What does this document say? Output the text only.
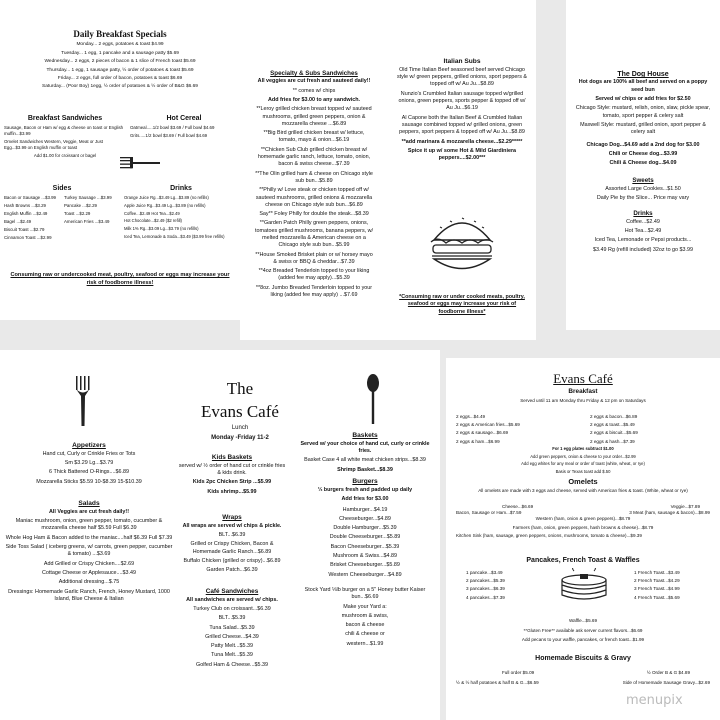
Daily Breakfast Specials

Monday... 2 eggs, potatoes & toast $4.99

Tuesday... 1 egg, 1 pancake and a sausage patty $5.69

Wednesday... 2 eggs, 2 pieces of bacon & 1 slice of French toast $5.69

Thursday... 1 egg, 1 sausage patty, ½ order of potatoes & toast $5.69

Friday... 2 eggs, full order of bacon, potatoes & toast $6.69

Saturday... (Poor Boy) 1egg, ½ order of potatoes & ½ order of B&G $6.69

Breakfast Sandwiches

Sausage, Bacon or Ham w/ egg & cheese on toast or English muffin...$3.99

Omelet Sandwiches Western, Veggie, Meat or Just Egg...$3.99 on English muffin or toast

Add $1.00 for croissant or bagel

Hot Cereal

Oatmeal.....1/2 bowl $3.69 / Full bowl $4.69

Grits.....1/2 bowl $3.69 / Full bowl $4.69

Sides

Bacon or Sausage ...$3.99

Hash Browns ...$3.29

English Muffin ...$2.49

Bagel ...$2.49

Biscuit Toast ...$2.79

Cinnamon Toast ...$2.99

Turkey Sausage ...$3.99

Pancake ...$2.29

Toast ...$2.29

American Fries ...$3.49

Drinks

Orange Juice Rg...$3.49 Lg...$3.89 (no refills)

Apple Juice Rg...$3.49 Lg...$3.89 (no refills)

Coffee...$2.49 Hot Tea...$2.49

Hot Chocolate...$2.49 ($2 refill)

Milk 1% Rg...$3.09 Lg...$3.79 (no refills)

Iced Tea, Lemonade & Soda...$3.49 ($3.99 free refills)

Consuming raw or undercooked meat, poultry, seafood or eggs may increase your risk of foodborne illness!
Specialty & Subs Sandwiches

All veggies are cut fresh and sauteed daily!!

** comes w/ chips

Add fries for $3.00 to any sandwich.

**Leroy grilled chicken breast topped w/ sauteed mushrooms, grilled green peppers, onion & mozzarella cheese ...$6.89

**Big Bird grilled chicken breast w/ lettuce, tomato, mayo & onion...$6.19

**Chicken Sub Club grilled chicken breast w/ homemade garlic ranch, lettuce, tomato, onion, bacon & swiss cheese...$7.39

**The Olin grilled ham & cheese on Chicago style sub bun...$5.89

**Philly w/ Love steak or chicken topped off w/ sauteed mushrooms, grilled onions & mozzarella cheese on Chicago style sub bun...$6.89

Say** Foley Philly for double the steak...$8.39

**Garden Patch Philly green peppers, onions, tomatoes grilled mushrooms, banana peppers, w/ melted mozzarella & American cheese on a Chicago style sub bun...$5.99

**House Smoked Brisket plain or w/ horsey mayo & swiss or BBQ & cheddar...$7.39

**4oz Breaded Tenderloin topped to your liking (added fee may apply)...$5.39

**8oz. Jumbo Breaded Tenderloin topped to your liking (added fee may apply) ...$7.69

Italian Subs

Old Time Italian Beef seasoned beef served Chicago style w/ green peppers, grilled onions, sport peppers & topped off w/ Au Ju...$8.89

Nunzio's Crumbled Italian sausage topped w/grilled onions, green peppers, sports pepper & topped off w/ Au Ju...$6.19

Al Capone both the Italian Beef & Crumbled Italian sausage combined topped w/ grilled onions, green peppers, sport peppers & topped off w/ Au Ju...$8.89

**add marinara & mozzarella cheese...$2.29*****

Spice it up w/ some Hot & Mild Giardiniera peppers....$2.00***

*Consuming raw or under cooked meats, poultry, seafood or eggs may increase your risk of foodborne illness*
The Dog House

Hot dogs are 100% all beef and served on a poppy seed bun

Served w/ chips or add fries for $2.50

Chicago Style: mustard, relish, onion, slaw, pickle spear, tomato, sport pepper & celery salt

Maxwell Style: mustard, grilled onion, sport pepper & celery salt

Chicago Dog...$4.69 add a 2nd dog for $3.00

Chili or Cheese dog...$3.99

Chili & Cheese dog...$4.09

Sweets

Assorted Large Cookies...$1.50

Daily Pie by the Slice... Price may vary

Drinks

Coffee...$2.49

Hot Tea...$2.49

Iced Tea, Lemonade or Pepsi products...

$3.49 Rg (refill included) 32oz to go $3.99

The
Evans Café
Lunch
Monday -Friday 11-2
Appetizers

Hand cut, Curly or Crinkle Fries or Tots

Sm $3.29 Lg...$3.79

6 Thick Battered O-Rings....$6.89

Mozzarella Sticks $5.59 10-$8.39 15-$10.39

Salads

All Veggies are cut fresh daily!!

Maniac mushroom, onion, green pepper, tomato, cucumber & mozzarella cheese half $5.59 Full $6.39

Whole Hog Ham & Bacon added to the maniac....half $6.39 Full $7.39

Side Toss Salad ( iceberg greens, w/ carrots, green pepper, cucumber & tomato) ...$3.69

Add Grilled or Crispy Chicken....$2.69

Cottage Cheese or Applesauce....$3.49

Additional dressing...$.75

Dressings: Homemade Garlic Ranch, French, Honey Mustard, 1000 Island, Blue Cheese & Italian

Kids Baskets

served w/ ½ order of hand cut or crinkle fries & kids drink.

Kids 2pc Chicken Strip ...$5.99

Kids shrimp...$5.99

Wraps

All wraps are served w/ chips & pickle.

BLT...$6.39

Grilled or Crispy Chicken, Bacon & Homemade Garlic Ranch...$6.89

Buffalo Chicken (grilled or crispy)...$6.89

Garden Patch...$6.39

Café Sandwiches

All sandwiches are served w/ chips.

Turkey Club on croissant...$6.39

BLT...$5.39

Tuna Salad...$5.39

Grilled Cheese...$4.39

Patty Melt...$5.39

Tuna Melt...$5.39

Golfed Ham & Cheese...$5.39

Baskets

Served w/ your choice of hand cut, curly or crinkle fries.

Basket Case 4 all white meat chicken strips...$8.39

Shrimp Basket...$8.39

Burgers

⅓ burgers fresh and padded up daily

Add fries for $3.00

Hamburger...$4.19

Cheeseburger...$4.89

Double Hamburger...$5.39

Double Cheeseburger...$5.89

Bacon Cheeseburger...$5.39

Mushroom & Swiss...$4.89

Brisket Cheeseburger...$5.89

Western Cheeseburger...$4.89

Stock Yard ⅓lb burger on a 5" Honey butter Kaiser bun...$6.69

Make your Yard a:

mushroom & swiss,

bacon & cheese

chili & cheese or

western...$1.99

Evans Café
Breakfast
Served until 11 am Monday thru Friday & 12 pm on Saturdays

2 eggs...$4.49

2 eggs & American fries...$5.69

2 eggs & sausage...$6.69

2 eggs & ham...$6.99

2 eggs & bacon...$6.89

2 eggs & toast...$5.49

2 eggs & biscuit...$5.69

2 eggs & hash...$7.39

For 1 egg plates subtract $1.00

Add green peppers, onion & cheese to your order...$2.99

Add egg whites for any meal or order of toast (white, wheat, or rye)

Basis or Texas toast add $.50

Omelets
All omelets are made with 3 eggs and cheese, served with American fries & toast. (White, wheat or rye)
Cheese...$6.69	Veggie...$7.89
Bacon, Sausage or Ham...$7.59	3 Meat (ham, sausage & bacon)...$8.99

Western (ham, onion & green peppers)...$8.79

Farmers (ham, onion, green peppers, hash browns & cheese)...$8.79

Kitchen Sink (ham, sausage, green peppers, onions, mushrooms, tomato & cheese)...$9.39

Pancakes, French Toast & Waffles

1 pancake...$3.49

2 pancakes...$5.39

3 pancakes...$6.39

4 pancakes...$7.39

1 French Toast...$3.49

2 French Toast...$4.29

3 French Toast...$4.99

4 French Toast...$5.69

Waffle...$5.69
**Gluten Free** available ask server current flavors...$6.69
Add pecans to your waffle, pancakes, or french toast...$1.99
Homemade Biscuits & Gravy
Full order $5.09	½ Order B & G $4.89
½ & ½ half potatoes & half B & G...$6.59	Side of Homemade Sausage Gravy...$2.69
menupix
